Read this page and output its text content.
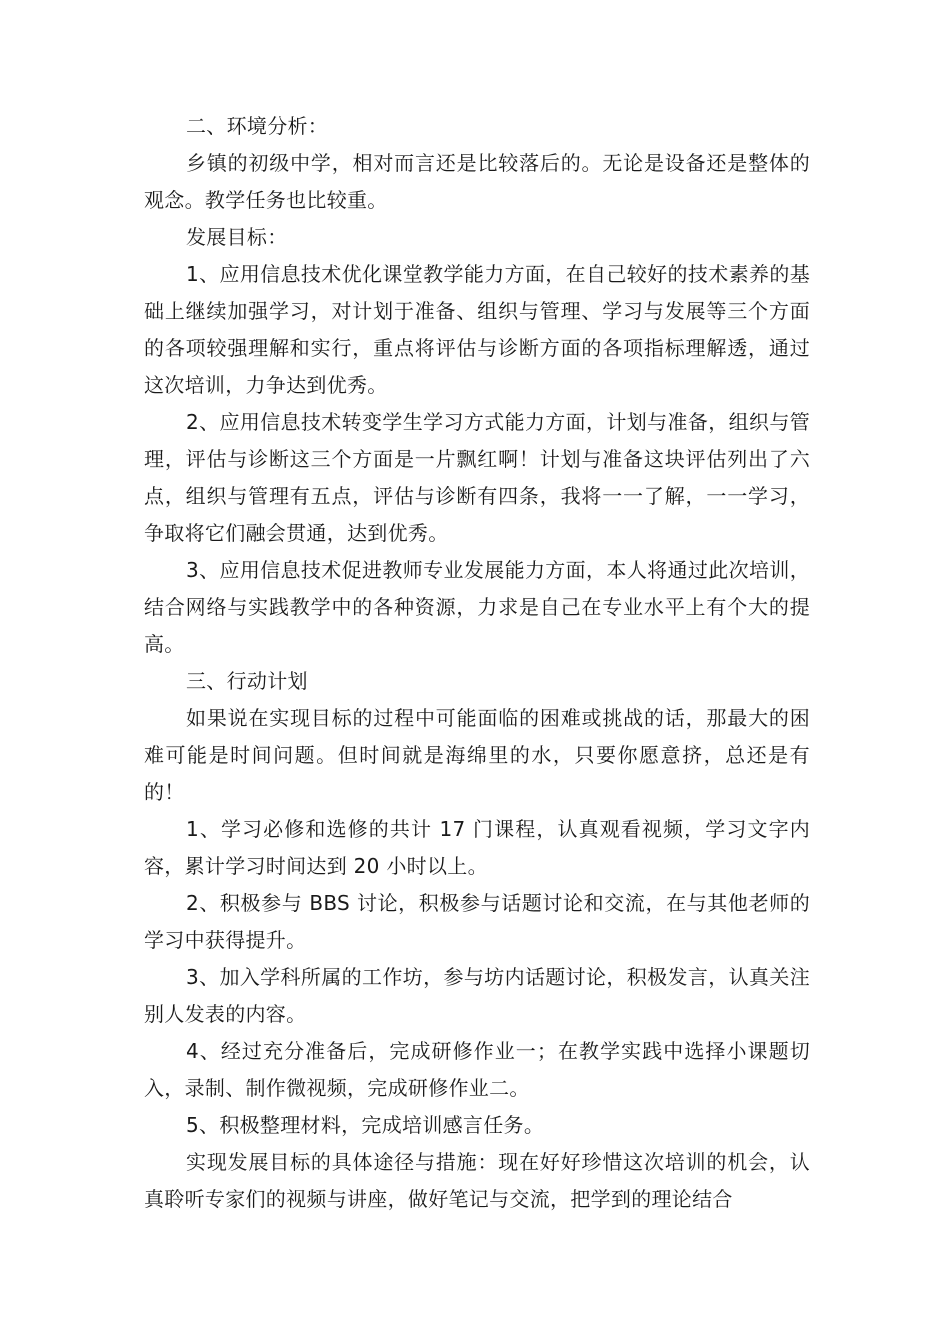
二、环境分析：

乡镇的初级中学，相对而言还是比较落后的。无论是设备还是整体的观念。教学任务也比较重。

发展目标：

1、应用信息技术优化课堂教学能力方面，在自己较好的技术素养的基础上继续加强学习，对计划于准备、组织与管理、学习与发展等三个方面的各项较强理解和实行，重点将评估与诊断方面的各项指标理解透，通过这次培训，力争达到优秀。

2、应用信息技术转变学生学习方式能力方面，计划与准备，组织与管理，评估与诊断这三个方面是一片飘红啊！计划与准备这块评估列出了六点，组织与管理有五点，评估与诊断有四条，我将一一了解，一一学习，争取将它们融会贯通，达到优秀。

3、应用信息技术促进教师专业发展能力方面，本人将通过此次培训，结合网络与实践教学中的各种资源，力求是自己在专业水平上有个大的提高。

三、行动计划

如果说在实现目标的过程中可能面临的困难或挑战的话，那最大的困难可能是时间问题。但时间就是海绵里的水，只要你愿意挤，总还是有的！

1、学习必修和选修的共计 17 门课程，认真观看视频，学习文字内容，累计学习时间达到 20 小时以上。

2、积极参与 BBS 讨论，积极参与话题讨论和交流，在与其他老师的学习中获得提升。

3、加入学科所属的工作坊，参与坊内话题讨论，积极发言，认真关注别人发表的内容。

4、经过充分准备后，完成研修作业一；在教学实践中选择小课题切入，录制、制作微视频，完成研修作业二。

5、积极整理材料，完成培训感言任务。

实现发展目标的具体途径与措施：现在好好珍惜这次培训的机会，认真聆听专家们的视频与讲座，做好笔记与交流，把学到的理论结合
